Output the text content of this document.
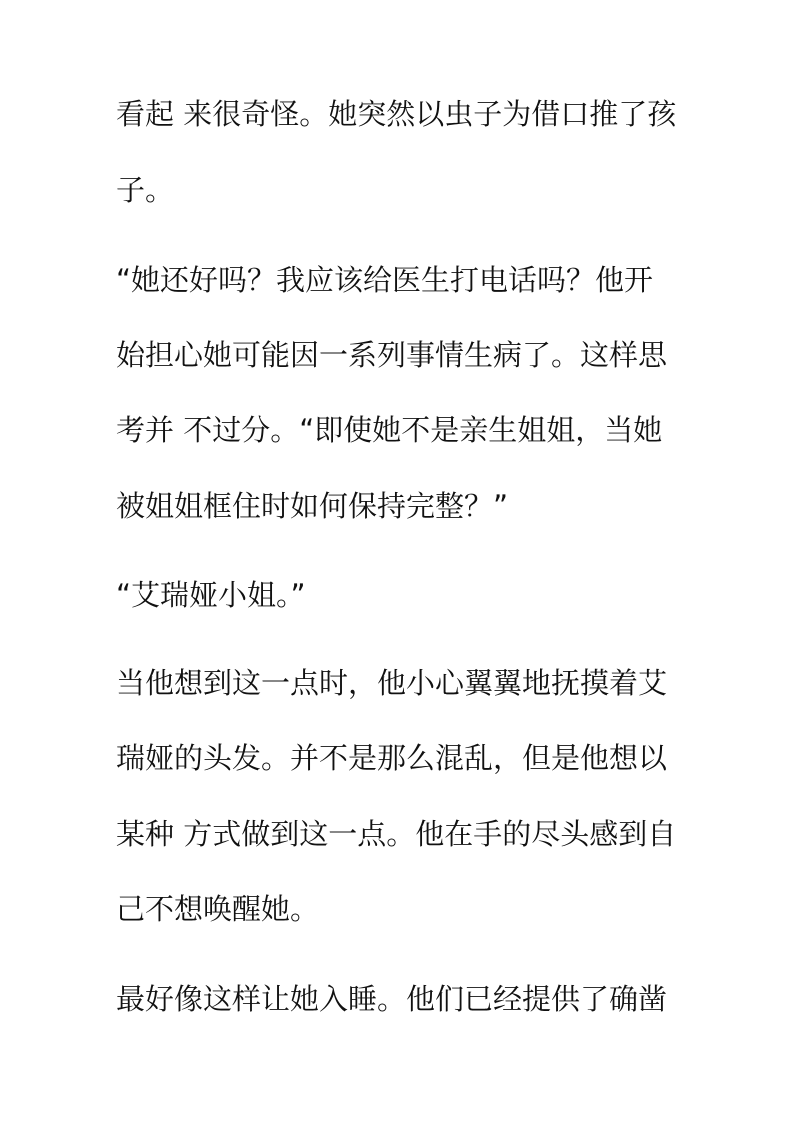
看起 来很奇怪。她突然以虫子为借口推了孩
子。
“她还好吗？我应该给医生打电话吗？他开
始担心她可能因一系列事情生病了。这样思
考并 不过分。“即使她不是亲生姐姐，当她
被姐姐框住时如何保持完整？”
“艾瑞娅小姐。”
当他想到这一点时，他小心翼翼地抚摸着艾
瑞娅的头发。并不是那么混乱，但是他想以
某种 方式做到这一点。他在手的尽头感到自
己不想唤醒她。
最好像这样让她入睡。他们已经提供了确凿
